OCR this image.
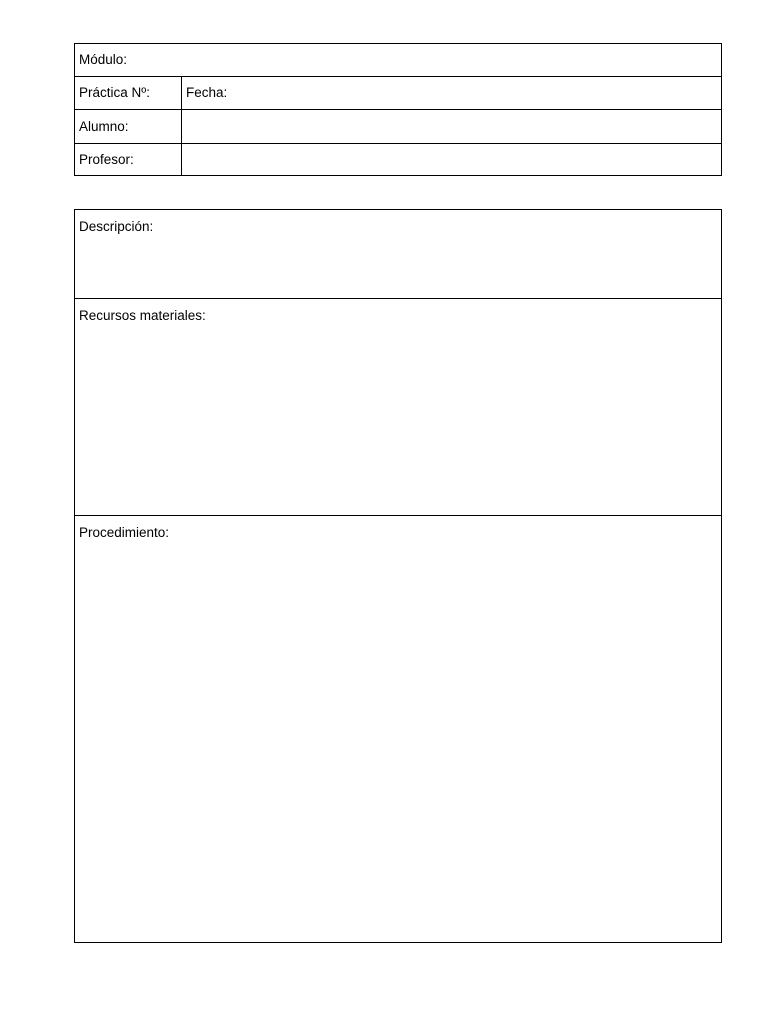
Módulo:
Práctica Nº:	Fecha:
Alumno:
Profesor:
Descripción:
Recursos materiales:
Procedimiento:
